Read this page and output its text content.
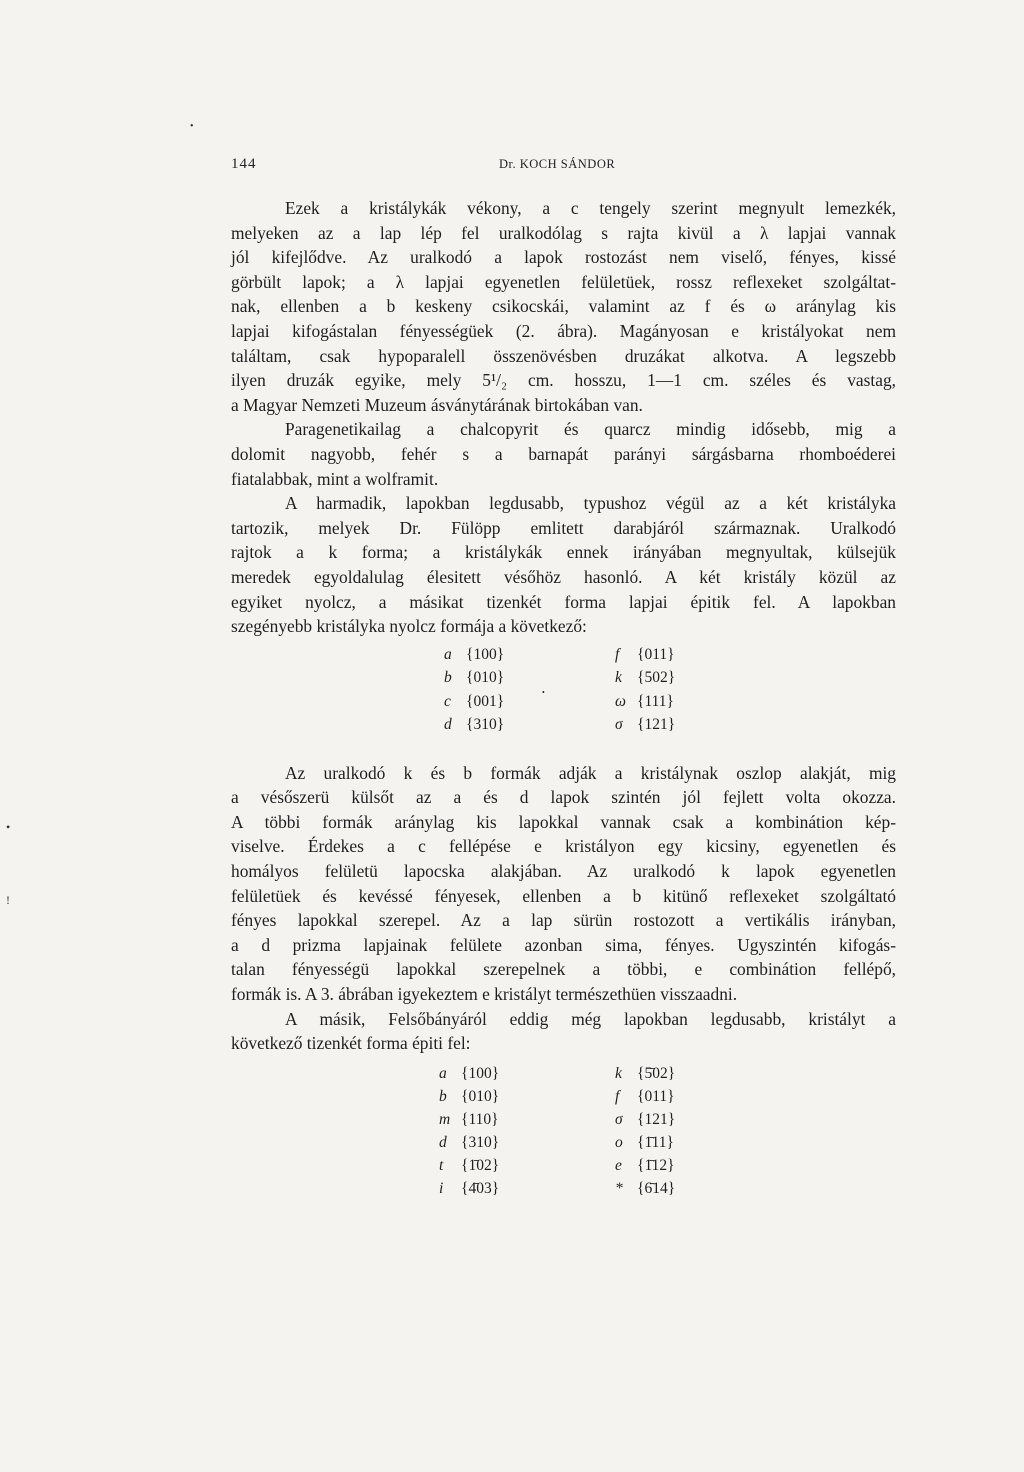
144	Dr. KOCH SÁNDOR
Ezek a kristálykák vékony, a c tengely szerint megnyult lemezkék,
melyeken az a lap lép fel uralkodólag s rajta kivül a λ lapjai vannak
jól kifejlődve. Az uralkodó a lapok rostozást nem viselő, fényes, kissé
görbült lapok; a λ lapjai egyenetlen felületüek, rossz reflexeket szolgáltat-
nak, ellenben a b keskeny csikocskái, valamint az f és ω aránylag kis
lapjai kifogástalan fényességüek (2. ábra). Magányosan e kristályokat nem
találtam, csak hypoparalell összenövésben druzákat alkotva. A legszebb
ilyen druzák egyike, mely 5¹/₂ cm. hosszu, 1—1 cm. széles és vastag,
a Magyar Nemzeti Muzeum ásványtárának birtokában van.
Paragenetikailag a chalcopyrit és quarcz mindig idősebb, mig a
dolomit nagyobb, fehér s a barnapát parányi sárgásbarna rhomboéderei
fiatalabbak, mint a wolframit.
A harmadik, lapokban legdusabb, typushoz végül az a két kristályka
tartozik, melyek Dr. Fülöpp emlitett darabjáról származnak. Uralkodó
rajtok a k forma; a kristálykák ennek irányában megnyultak, külsejük
meredek egyoldalulag élesitett vésőhöz hasonló. A két kristály közül az
egyiket nyolcz, a másikat tizenkét forma lapjai épitik fel. A lapokban
szegényebb kristályka nyolcz formája a következő:
a {100}
b {010}
c {001}
d {310}
•
f {011}
k {502}
ω {111}
σ {121}
Az uralkodó k és b formák adják a kristálynak oszlop alakját, mig
a vésőszerü külsőt az a és d lapok szintén jól fejlett volta okozza.
A többi formák aránylag kis lapokkal vannak csak a kombinátion kép-
viselve. Érdekes a c fellépése e kristályon egy kicsiny, egyenetlen és
homályos felületü lapocska alakjában. Az uralkodó k lapok egyenetlen
felületüek és kevéssé fényesek, ellenben a b kitünő reflexeket szolgáltató
fényes lapokkal szerepel. Az a lap sürün rostozott a vertikális irányban,
a d prizma lapjainak felülete azonban sima, fényes. Ugyszintén kifogás-
talan fényességü lapokkal szerepelnek a többi, e combinátion fellépő,
formák is. A 3. ábrában igyekeztem e kristályt természethüen visszaadni.
A másik, Felsőbányáról eddig még lapokban legdusabb, kristályt a
következő tizenkét forma épiti fel:
a {100}
b {010}
m {110}
d {310}
t {1̄02}
i {4̄03}
k {5̄02}
f {011}
σ {121}
o {1̄11}
e {1̄12}
* {6̄14}
•
•
!
